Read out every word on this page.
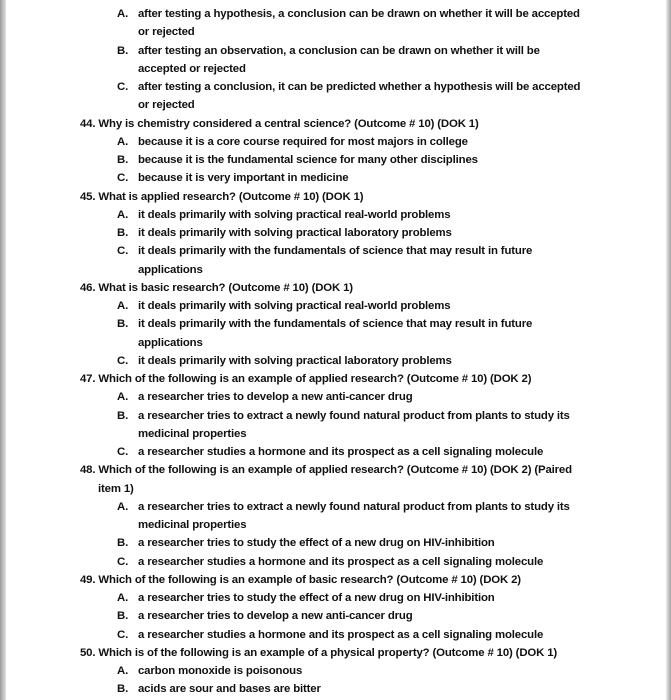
A. after testing a hypothesis, a conclusion can be drawn on whether it will be accepted
or rejected
B. after testing an observation, a conclusion can be drawn on whether it will be
accepted or rejected
C. after testing a conclusion, it can be predicted whether a hypothesis will be accepted
or rejected
44. Why is chemistry considered a central science? (Outcome # 10) (DOK 1)
A. because it is a core course required for most majors in college
B. because it is the fundamental science for many other disciplines
C. because it is very important in medicine
45. What is applied research? (Outcome # 10) (DOK 1)
A. it deals primarily with solving practical real-world problems
B. it deals primarily with solving practical laboratory problems
C. it deals primarily with the fundamentals of science that may result in future
applications
46. What is basic research? (Outcome # 10) (DOK 1)
A. it deals primarily with solving practical real-world problems
B. it deals primarily with the fundamentals of science that may result in future
applications
C. it deals primarily with solving practical laboratory problems
47. Which of the following is an example of applied research? (Outcome # 10) (DOK 2)
A. a researcher tries to develop a new anti-cancer drug
B. a researcher tries to extract a newly found natural product from plants to study its
medicinal properties
C. a researcher studies a hormone and its prospect as a cell signaling molecule
48. Which of the following is an example of applied research? (Outcome # 10) (DOK 2) (Paired
item 1)
A. a researcher tries to extract a newly found natural product from plants to study its
medicinal properties
B. a researcher tries to study the effect of a new drug on HIV-inhibition
C. a researcher studies a hormone and its prospect as a cell signaling molecule
49. Which of the following is an example of basic research? (Outcome # 10) (DOK 2)
A. a researcher tries to study the effect of a new drug on HIV-inhibition
B. a researcher tries to develop a new anti-cancer drug
C. a researcher studies a hormone and its prospect as a cell signaling molecule
50. Which is of the following is an example of a physical property? (Outcome # 10) (DOK 1)
A. carbon monoxide is poisonous
B. acids are sour and bases are bitter
